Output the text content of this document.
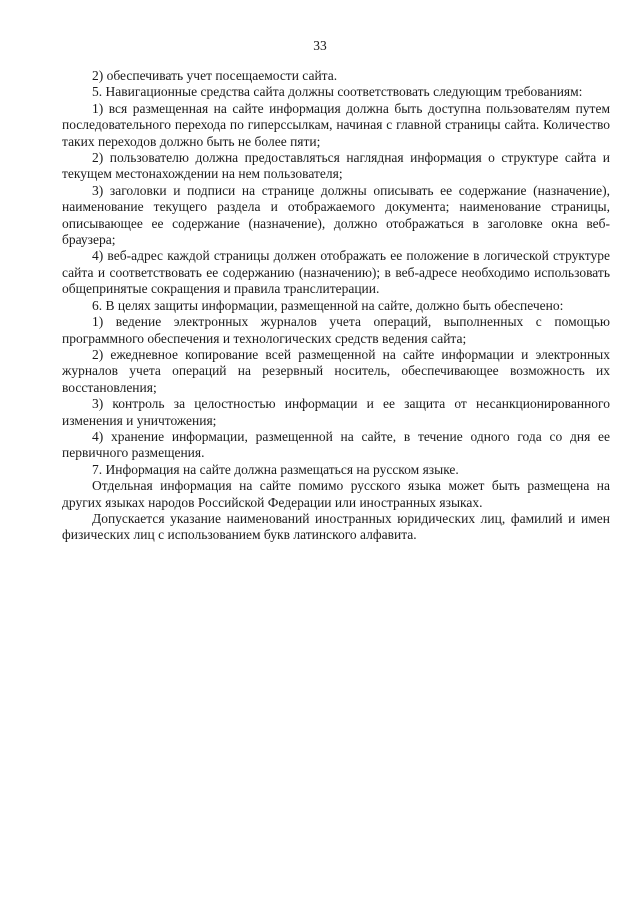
33

2) обеспечивать учет посещаемости сайта.

5. Навигационные средства сайта должны соответствовать следующим требованиям:

1) вся размещенная на сайте информация должна быть доступна пользователям путем последовательного перехода по гиперссылкам, начиная с главной страницы сайта. Количество таких переходов должно быть не более пяти;

2) пользователю должна предоставляться наглядная информация о структуре сайта и текущем местонахождении на нем пользователя;

3) заголовки и подписи на странице должны описывать ее содержание (назначение), наименование текущего раздела и отображаемого документа; наименование страницы, описывающее ее содержание (назначение), должно отображаться в заголовке окна веб-браузера;

4) веб-адрес каждой страницы должен отображать ее положение в логической структуре сайта и соответствовать ее содержанию (назначению); в веб-адресе необходимо использовать общепринятые сокращения и правила транслитерации.

6. В целях защиты информации, размещенной на сайте, должно быть обеспечено:

1) ведение электронных журналов учета операций, выполненных с помощью программного обеспечения и технологических средств ведения сайта;

2) ежедневное копирование всей размещенной на сайте информации и электронных журналов учета операций на резервный носитель, обеспечивающее возможность их восстановления;

3) контроль за целостностью информации и ее защита от несанкционированного изменения и уничтожения;

4) хранение информации, размещенной на сайте, в течение одного года со дня ее первичного размещения.

7. Информация на сайте должна размещаться на русском языке.

Отдельная информация на сайте помимо русского языка может быть размещена на других языках народов Российской Федерации или иностранных языках.

Допускается указание наименований иностранных юридических лиц, фамилий и имен физических лиц с использованием букв латинского алфавита.
